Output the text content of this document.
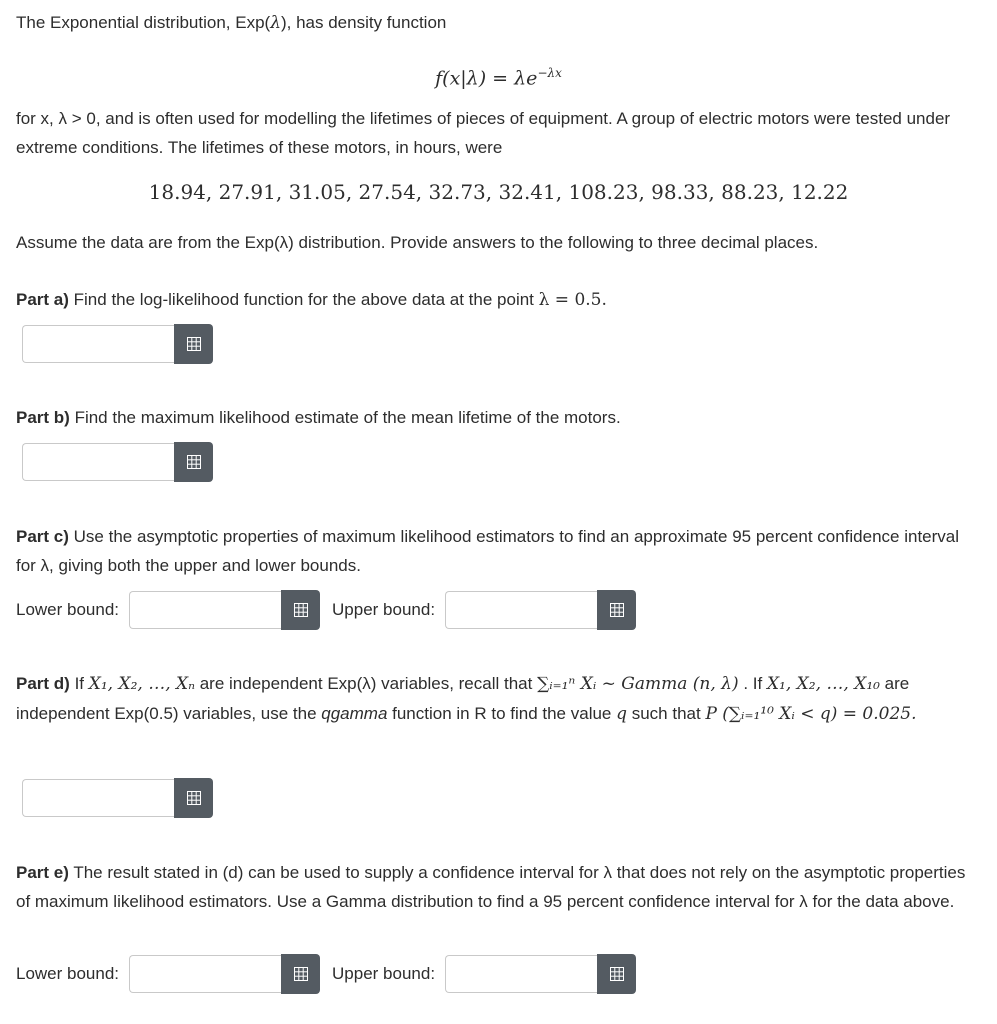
The Exponential distribution, Exp(λ), has density function
$f(x|\lambda) = \lambda e^{-\lambda x}$
for x, λ > 0, and is often used for modelling the lifetimes of pieces of equipment. A group of electric motors were tested under extreme conditions. The lifetimes of these motors, in hours, were
18.94, 27.91, 31.05, 27.54, 32.73, 32.41, 108.23, 98.33, 88.23, 12.22
Assume the data are from the Exp(λ) distribution. Provide answers to the following to three decimal places.
Part a) Find the log-likelihood function for the above data at the point λ = 0.5.
Part b) Find the maximum likelihood estimate of the mean lifetime of the motors.
Part c) Use the asymptotic properties of maximum likelihood estimators to find an approximate 95 percent confidence interval for λ, giving both the upper and lower bounds.
Lower bound:	Upper bound:
Part d) If X₁, X₂, …, Xₙ are independent Exp(λ) variables, recall that ∑ᵢ₌₁ⁿ Xᵢ ~ Gamma (n, λ) . If X₁, X₂, …, X₁₀ are independent Exp(0.5) variables, use the qgamma function in R to find the value q such that P (∑ᵢ₌₁¹⁰ Xᵢ < q) = 0.025.
Part e) The result stated in (d) can be used to supply a confidence interval for λ that does not rely on the asymptotic properties of maximum likelihood estimators. Use a Gamma distribution to find a 95 percent confidence interval for λ for the data above.
Lower bound:	Upper bound:
